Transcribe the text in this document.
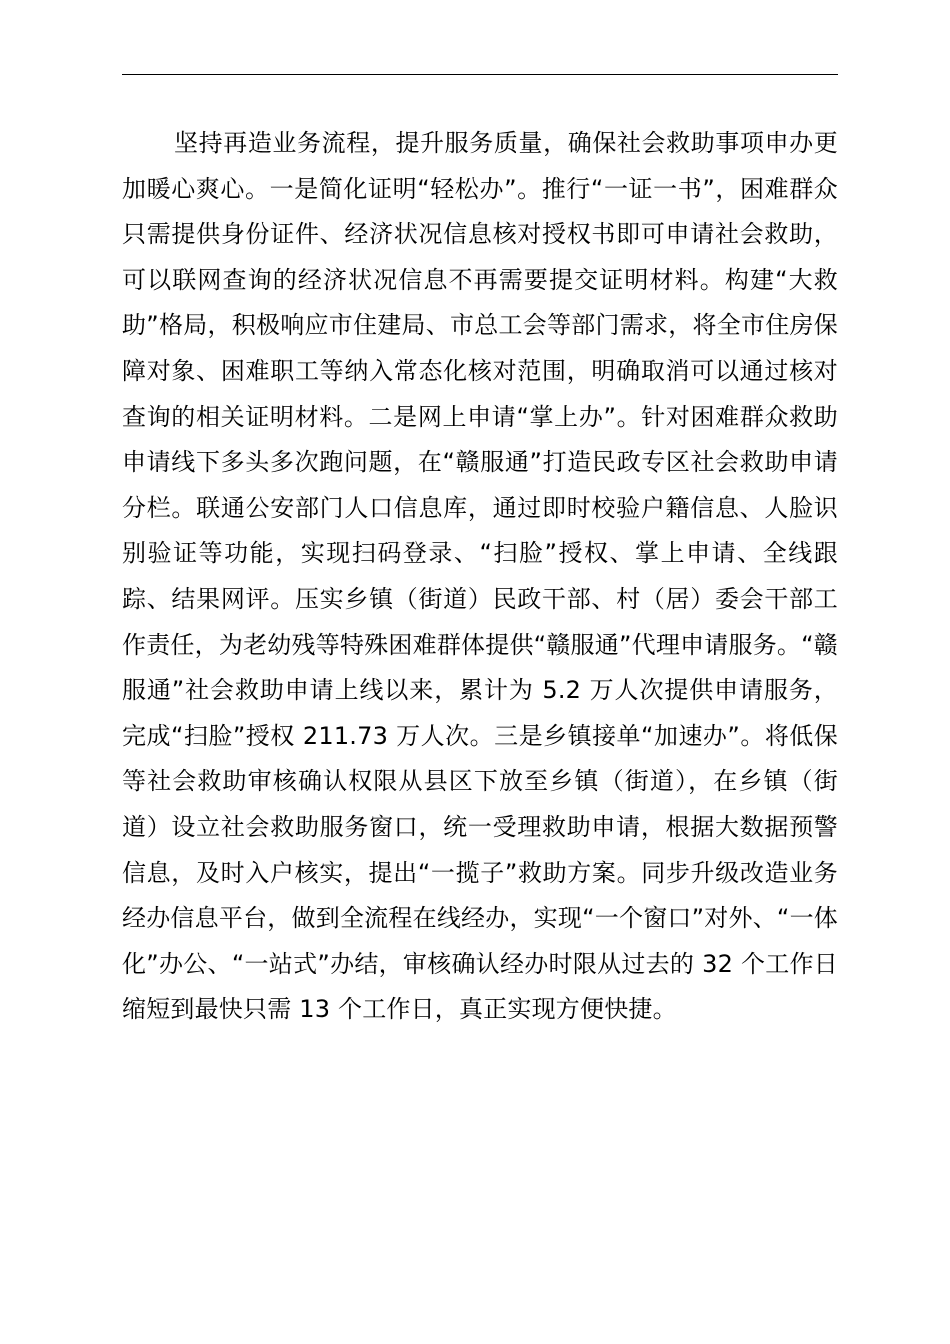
坚持再造业务流程，提升服务质量，确保社会救助事项申办更加暖心爽心。一是简化证明“轻松办”。推行“一证一书”，困难群众只需提供身份证件、经济状况信息核对授权书即可申请社会救助，可以联网查询的经济状况信息不再需要提交证明材料。构建“大救助”格局，积极响应市住建局、市总工会等部门需求，将全市住房保障对象、困难职工等纳入常态化核对范围，明确取消可以通过核对查询的相关证明材料。二是网上申请“掌上办”。针对困难群众救助申请线下多头多次跑问题，在“赣服通”打造民政专区社会救助申请分栏。联通公安部门人口信息库，通过即时校验户籍信息、人脸识别验证等功能，实现扫码登录、“扫脸”授权、掌上申请、全线跟踪、结果网评。压实乡镇（街道）民政干部、村（居）委会干部工作责任，为老幼残等特殊困难群体提供“赣服通”代理申请服务。“赣服通”社会救助申请上线以来，累计为 5.2 万人次提供申请服务，完成“扫脸”授权 211.73 万人次。三是乡镇接单“加速办”。将低保等社会救助审核确认权限从县区下放至乡镇（街道），在乡镇（街道）设立社会救助服务窗口，统一受理救助申请，根据大数据预警信息，及时入户核实，提出“一揽子”救助方案。同步升级改造业务经办信息平台，做到全流程在线经办，实现“一个窗口”对外、“一体化”办公、“一站式”办结，审核确认经办时限从过去的 32 个工作日缩短到最快只需 13 个工作日，真正实现方便快捷。
